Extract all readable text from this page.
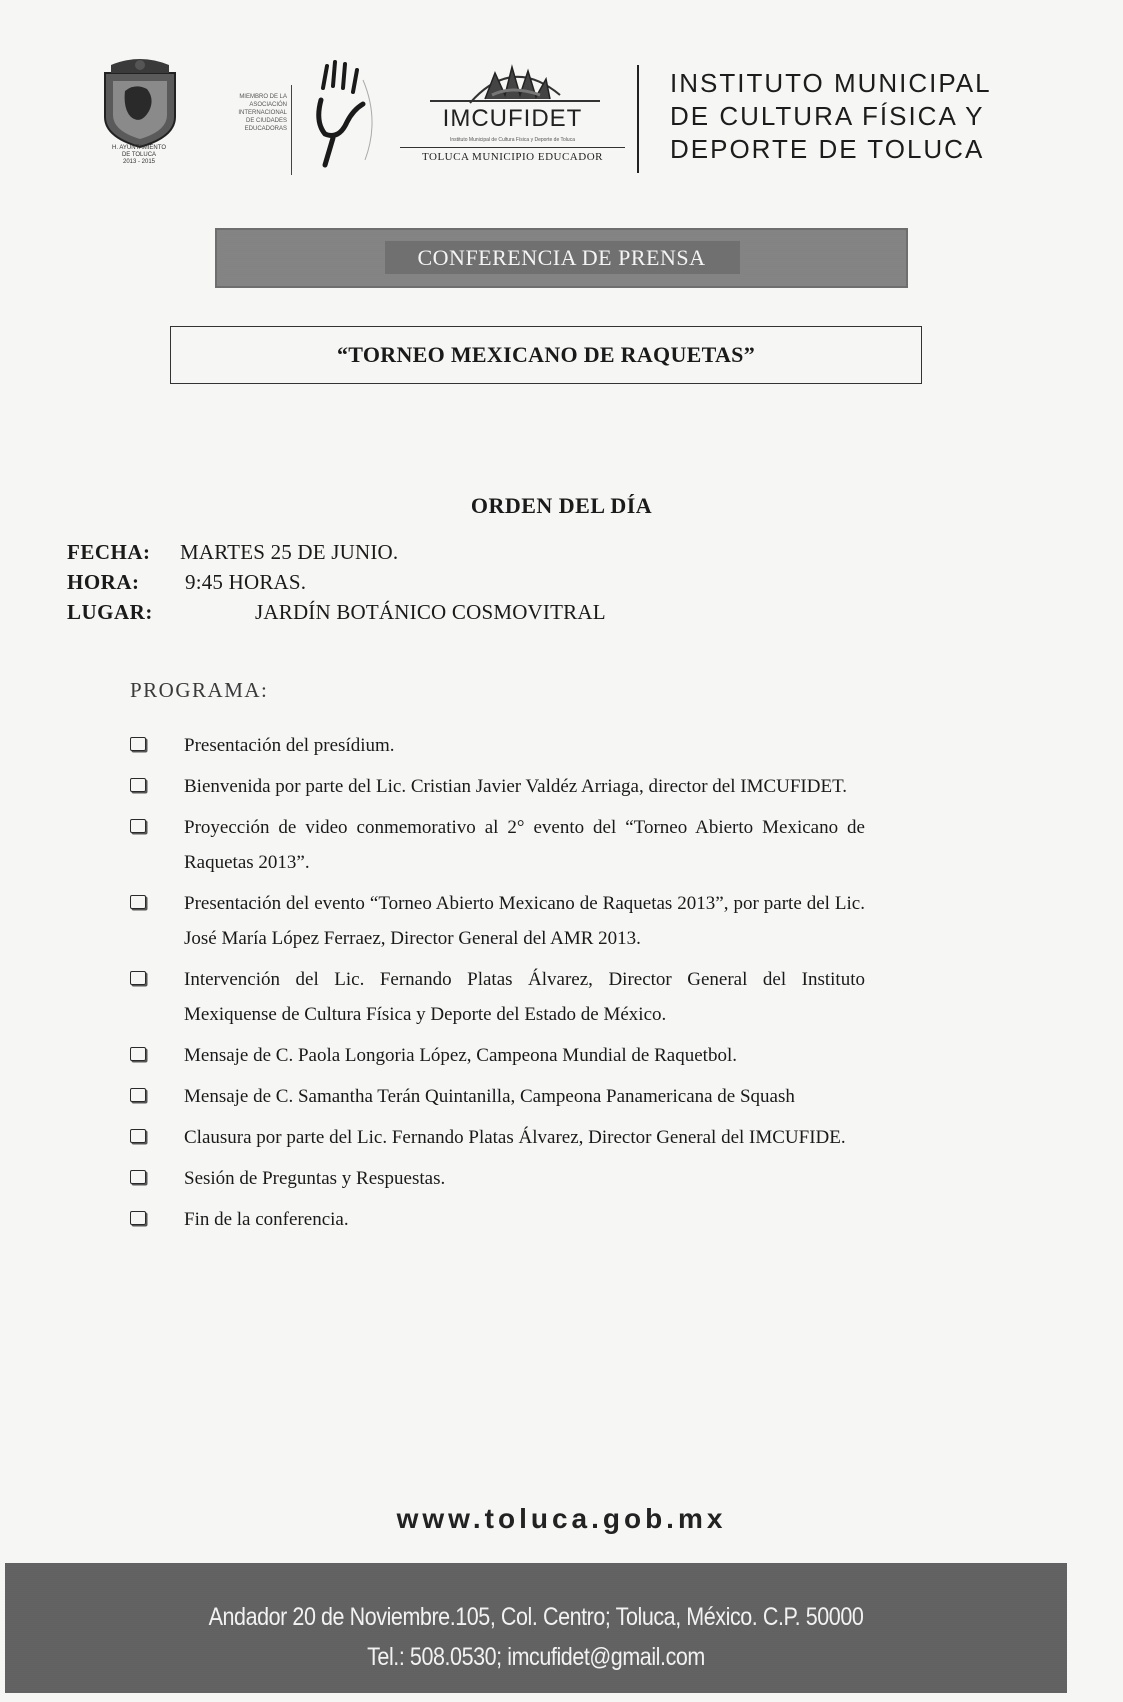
H. AYUNTAMIENTO
DE TOLUCA
2013 - 2015
MIEMBRO DE LA
ASOCIACIÓN
INTERNACIONAL
DE CIUDADES
EDUCADORAS	IMCUFIDET
Instituto Municipal de Cultura Física y Deporte de Toluca
TOLUCA MUNICIPIO EDUCADOR
INSTITUTO MUNICIPAL
DE CULTURA FÍSICA Y
DEPORTE DE TOLUCA
CONFERENCIA DE PRENSA
“TORNEO MEXICANO DE RAQUETAS”
ORDEN DEL DÍA
FECHA: MARTES 25 DE JUNIO.
HORA: 9:45 HORAS.
LUGAR:	JARDÍN BOTÁNICO COSMOVITRAL
PROGRAMA:
Presentación del presídium.
Bienvenida por parte del Lic. Cristian Javier Valdéz Arriaga, director del IMCUFIDET.
Proyección de video conmemorativo al 2° evento del “Torneo Abierto Mexicano de Raquetas 2013”.
Presentación del evento “Torneo Abierto Mexicano de Raquetas 2013”, por parte del Lic. José María López Ferraez, Director General del AMR 2013.
Intervención del Lic. Fernando Platas Álvarez, Director General del Instituto Mexiquense de Cultura Física y Deporte del Estado de México.
Mensaje de C. Paola Longoria López, Campeona Mundial de Raquetbol.
Mensaje de C. Samantha Terán Quintanilla, Campeona Panamericana de Squash
Clausura por parte del Lic. Fernando Platas Álvarez, Director General del IMCUFIDE.
Sesión de Preguntas y Respuestas.
Fin de la conferencia.
www.toluca.gob.mx
Andador 20 de Noviembre.105, Col. Centro; Toluca, México. C.P. 50000
Tel.: 508.0530; imcufidet@gmail.com
